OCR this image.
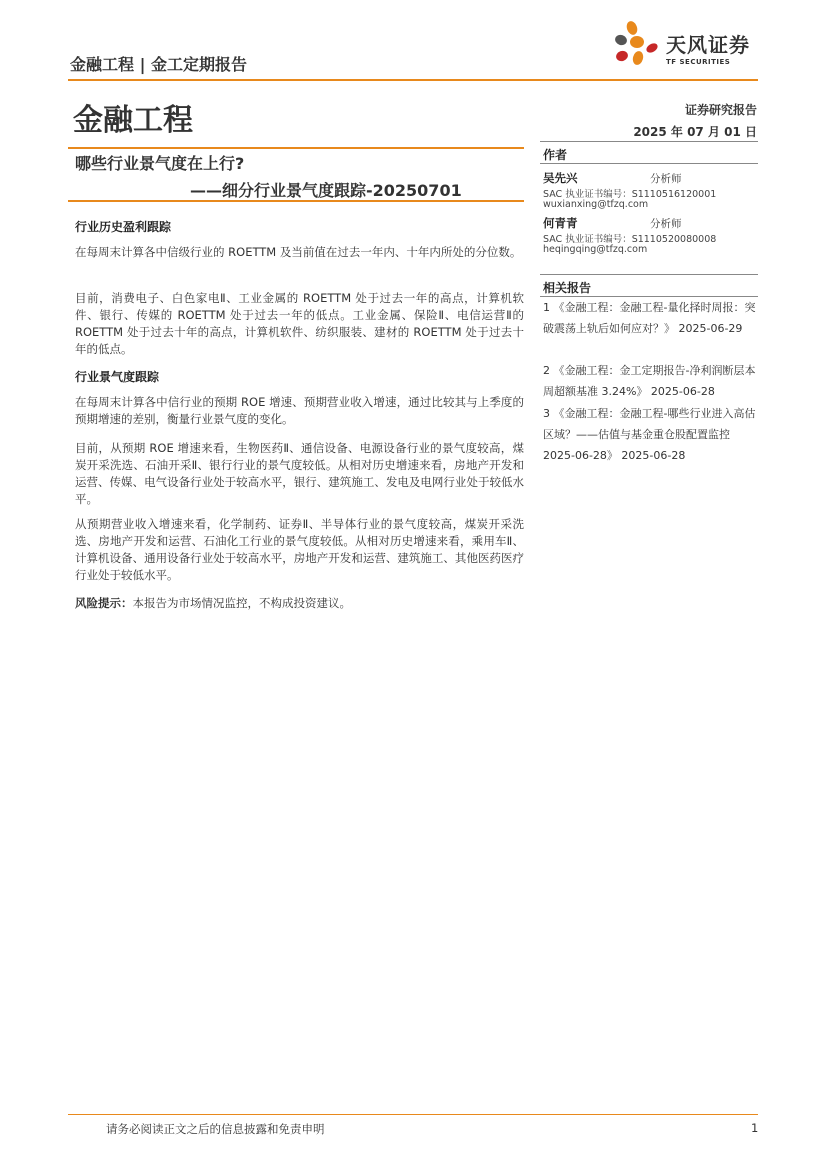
金融工程 | 金工定期报告
天风证券
TF SECURITIES
金融工程	证券研究报告
2025 年 07 月 01 日
哪些行业景气度在上行?
——细分行业景气度跟踪-20250701
行业历史盈利跟踪

在每周末计算各中信级行业的 ROETTM 及当前值在过去一年内、十年内所处的分位数。

目前，消费电子、白色家电Ⅱ、工业金属的 ROETTM 处于过去一年的高点，计算机软件、银行、传媒的 ROETTM 处于过去一年的低点。工业金属、保险Ⅱ、电信运营Ⅱ的 ROETTM 处于过去十年的高点，计算机软件、纺织服装、建材的 ROETTM 处于过去十年的低点。

行业景气度跟踪

在每周末计算各中信行业的预期 ROE 增速、预期营业收入增速，通过比较其与上季度的预期增速的差别，衡量行业景气度的变化。

目前，从预期 ROE 增速来看，生物医药Ⅱ、通信设备、电源设备行业的景气度较高，煤炭开采洗选、石油开采Ⅱ、银行行业的景气度较低。从相对历史增速来看，房地产开发和运营、传媒、电气设备行业处于较高水平，银行、建筑施工、发电及电网行业处于较低水平。

从预期营业收入增速来看，化学制药、证券Ⅱ、半导体行业的景气度较高，煤炭开采洗选、房地产开发和运营、石油化工行业的景气度较低。从相对历史增速来看，乘用车Ⅱ、计算机设备、通用设备行业处于较高水平，房地产开发和运营、建筑施工、其他医药医疗行业处于较低水平。

风险提示：本报告为市场情况监控，不构成投资建议。

作者
吴先兴	分析师
SAC 执业证书编号：S1110516120001
wuxianxing@tfzq.com
何青青	分析师
SAC 执业证书编号：S1110520080008
heqingqing@tfzq.com
相关报告

1 《金融工程：金融工程-量化择时周报：突破震荡上轨后如何应对？》 2025-06-29

2 《金融工程：金工定期报告-净利润断层本周超额基准 3.24%》 2025-06-28

3 《金融工程：金融工程-哪些行业进入高估区域？——估值与基金重仓股配置监控 2025-06-28》 2025-06-28

请务必阅读正文之后的信息披露和免责申明	1
